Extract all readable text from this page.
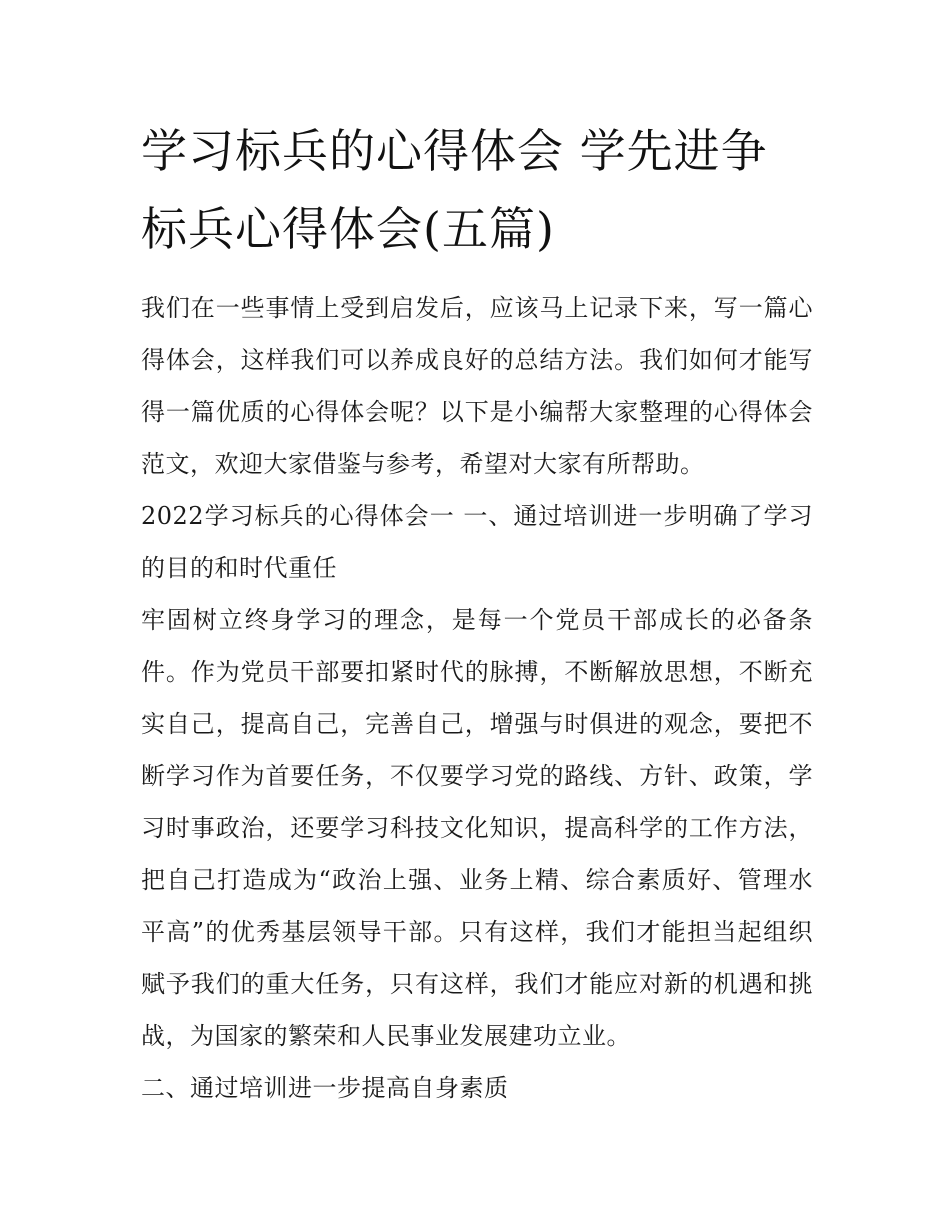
学习标兵的心得体会 学先进争标兵心得体会(五篇)

我们在一些事情上受到启发后，应该马上记录下来，写一篇心得体会，这样我们可以养成良好的总结方法。我们如何才能写得一篇优质的心得体会呢？以下是小编帮大家整理的心得体会范文，欢迎大家借鉴与参考，希望对大家有所帮助。

2022学习标兵的心得体会一 一、通过培训进一步明确了学习的目的和时代重任

牢固树立终身学习的理念，是每一个党员干部成长的必备条件。作为党员干部要扣紧时代的脉搏，不断解放思想，不断充实自己，提高自己，完善自己，增强与时俱进的观念，要把不断学习作为首要任务，不仅要学习党的路线、方针、政策，学习时事政治，还要学习科技文化知识，提高科学的工作方法，把自己打造成为“政治上强、业务上精、综合素质好、管理水平高”的优秀基层领导干部。只有这样，我们才能担当起组织赋予我们的重大任务，只有这样，我们才能应对新的机遇和挑战，为国家的繁荣和人民事业发展建功立业。

二、通过培训进一步提高自身素质
